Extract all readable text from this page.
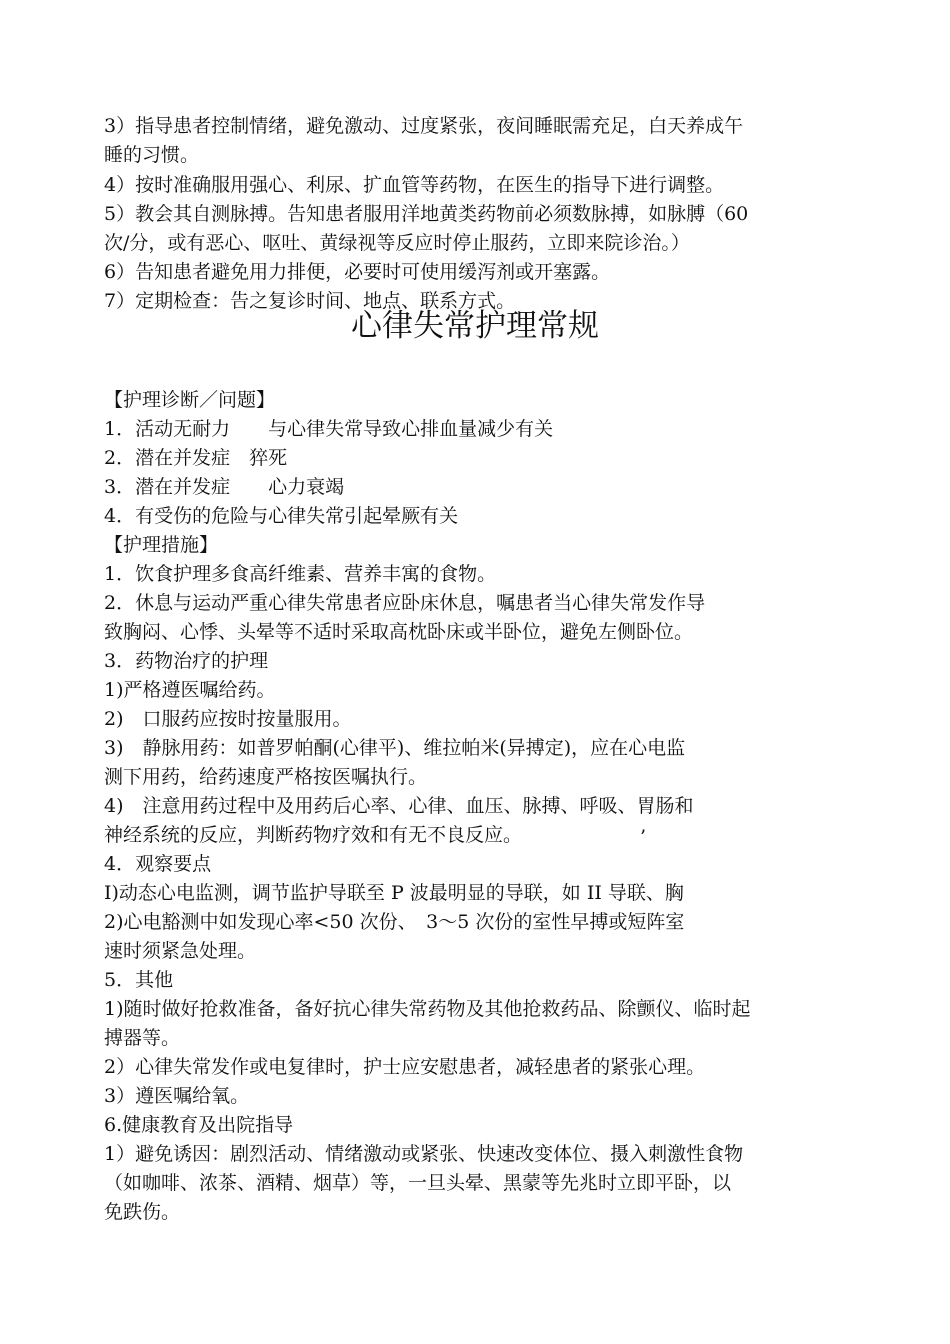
3）指导患者控制情绪，避免激动、过度紧张，夜间睡眠需充足，白天养成午
睡的习惯。
4）按时准确服用强心、利尿、扩血管等药物，在医生的指导下进行调整。
5）教会其自测脉搏。告知患者服用洋地黄类药物前必须数脉搏，如脉膊（60
次/分，或有恶心、呕吐、黄绿视等反应时停止服药，立即来院诊治。）
6）告知患者避免用力排便，必要时可使用缓泻剂或开塞露。
7）定期检查：告之复诊时间、地点、联系方式。
心律失常护理常规
【护理诊断／问题】
1．活动无耐力　　与心律失常导致心排血量减少有关
2．潜在并发症　猝死
3．潜在并发症　　心力衰竭
4．有受伤的危险与心律失常引起晕厥有关
【护理措施】
1．饮食护理多食高纤维素、营养丰寓的食物。
2．休息与运动严重心律失常患者应卧床休息，嘱患者当心律失常发作导
致胸闷、心悸、头晕等不适时采取高枕卧床或半卧位，避免左侧卧位。
3．药物治疗的护理
1)严格遵医嘱给药。
2)　口服药应按时按量服用。
3)　静脉用药：如普罗帕酮(心律平)、维拉帕米(异搏定)，应在心电监
测下用药，给药速度严格按医嘱执行。
4)　注意用药过程中及用药后心率、心律、血压、脉搏、呼吸、胃肠和
神经系统的反应，判断药物疗效和有无不良反应。	’
4．观察要点
I)动态心电监测，调节监护导联至 P 波最明显的导联，如 II 导联、胸
2)心电豁测中如发现心率<50 次份、　3～5 次份的室性早搏或短阵室
速时须紧急处理。
5．其他
1)随时做好抢救准备，备好抗心律失常药物及其他抢救药品、除颤仪、临时起
搏器等。
2）心律失常发作或电复律时，护士应安慰患者，减轻患者的紧张心理。
3）遵医嘱给氧。
6.健康教育及出院指导
1）避免诱因：剧烈活动、情绪激动或紧张、快速改变体位、摄入刺激性食物
（如咖啡、浓茶、酒精、烟草）等，一旦头晕、黑蒙等先兆时立即平卧，以
免跌伤。
